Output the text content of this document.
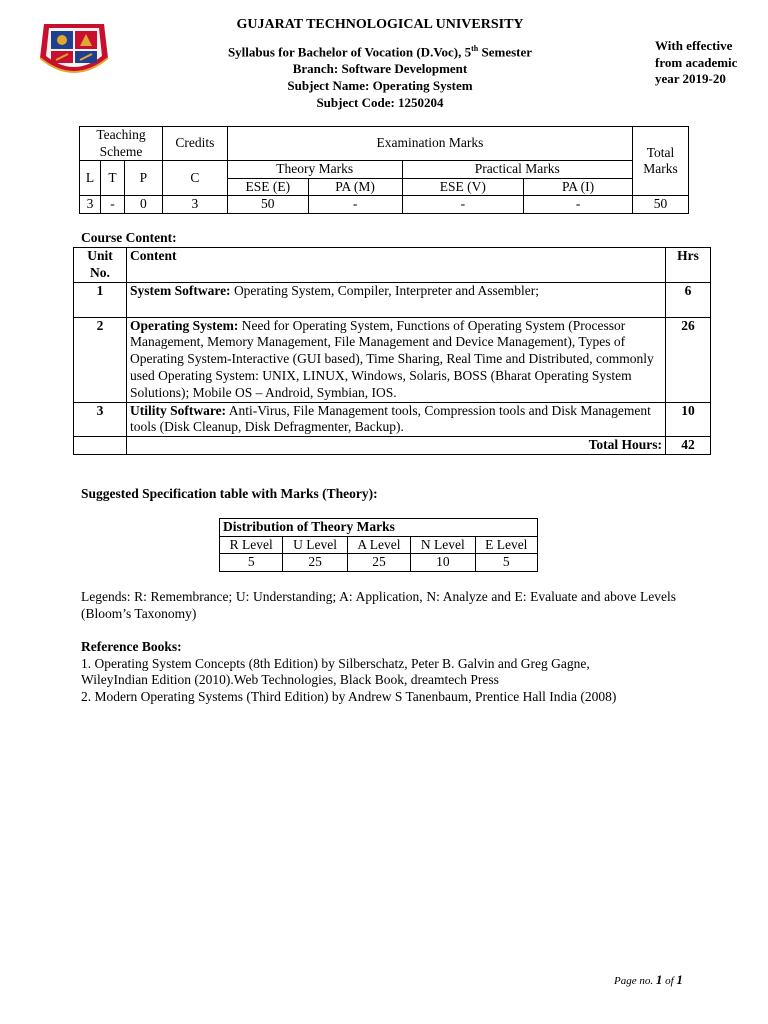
GUJARAT TECHNOLOGICAL UNIVERSITY
Syllabus for Bachelor of Vocation (D.Voc), 5th Semester
Branch: Software Development
Subject Name: Operating System
Subject Code: 1250204
With effective
from academic
year 2019-20
Teaching Scheme			Credits	Examination Marks				Total Marks
L	T	P	C	Theory Marks		Practical Marks		
				ESE (E)	PA (M)	ESE (V)	PA (I)	
3	-	0	3	50	-	-	-	50
Course Content:
Unit No.	Content	Hrs
1	System Software: Operating System, Compiler, Interpreter and Assembler;	6
2	Operating System: Need for Operating System, Functions of Operating System (Processor Management, Memory Management, File Management and Device Management), Types of Operating System-Interactive (GUI based), Time Sharing, Real Time and Distributed, commonly used Operating System: UNIX, LINUX, Windows, Solaris, BOSS (Bharat Operating System Solutions); Mobile OS – Android, Symbian, IOS.	26
3	Utility Software: Anti-Virus, File Management tools, Compression tools and Disk Management tools (Disk Cleanup, Disk Defragmenter, Backup).	10
	Total Hours:	42
Suggested Specification table with Marks (Theory):
Distribution of Theory Marks				
R Level	U Level	A Level	N Level	E Level
5	25	25	10	5
Legends: R: Remembrance; U: Understanding; A: Application, N: Analyze and E: Evaluate and above Levels (Bloom’s Taxonomy)
Reference Books:
1. Operating System Concepts (8th Edition) by Silberschatz, Peter B. Galvin and Greg Gagne, WileyIndian Edition (2010).Web Technologies, Black Book, dreamtech Press
2. Modern Operating Systems (Third Edition) by Andrew S Tanenbaum, Prentice Hall India (2008)
Page no. 1 of 1
